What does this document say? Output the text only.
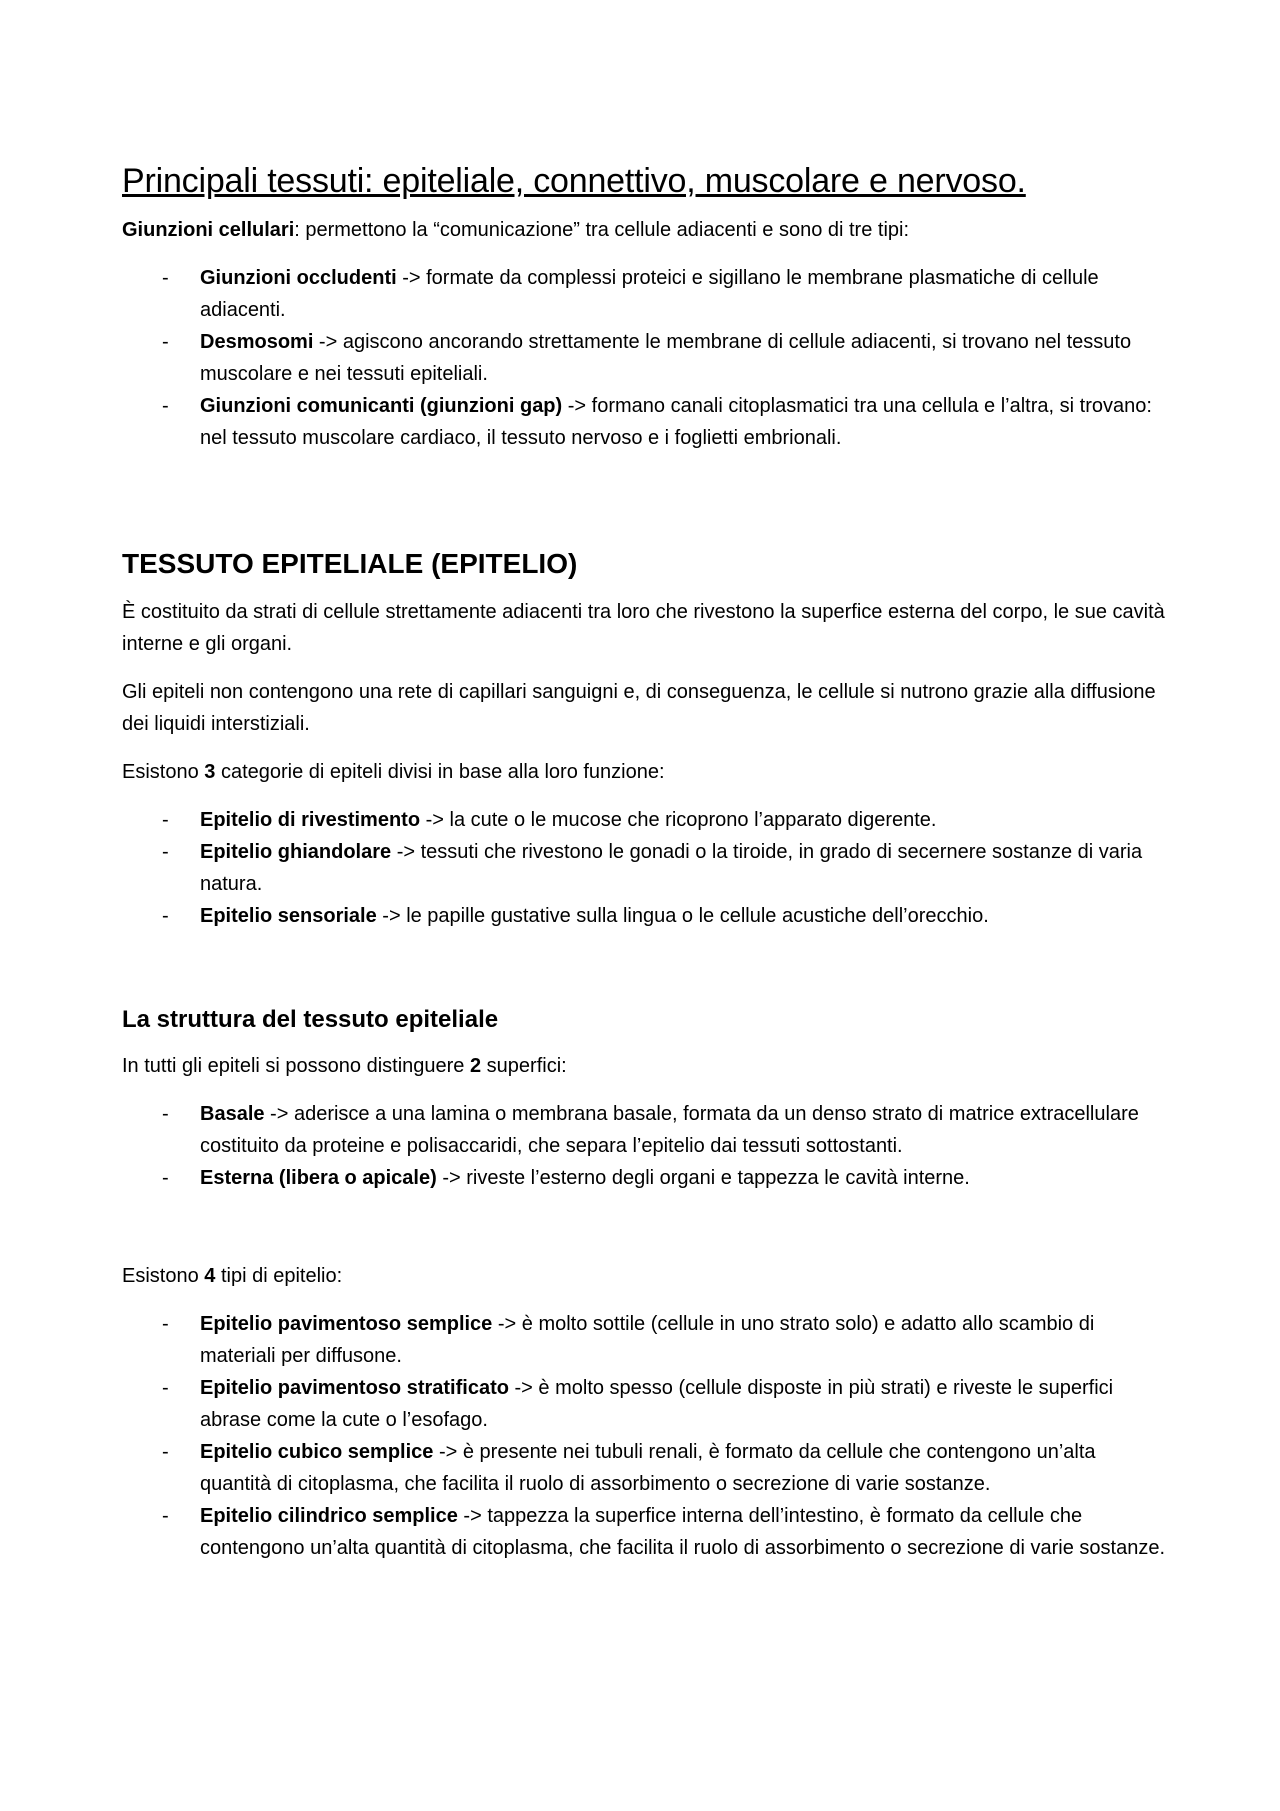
Principali tessuti: epiteliale, connettivo, muscolare e nervoso.

Giunzioni cellulari: permettono la “comunicazione” tra cellule adiacenti e sono di tre tipi:

- Giunzioni occludenti -> formate da complessi proteici e sigillano le membrane plasmatiche di cellule adiacenti.
- Desmosomi -> agiscono ancorando strettamente le membrane di cellule adiacenti, si trovano nel tessuto muscolare e nei tessuti epiteliali.
- Giunzioni comunicanti (giunzioni gap) -> formano canali citoplasmatici tra una cellula e l’altra, si trovano: nel tessuto muscolare cardiaco, il tessuto nervoso e i foglietti embrionali.
TESSUTO EPITELIALE (EPITELIO)

È costituito da strati di cellule strettamente adiacenti tra loro che rivestono la superfice esterna del corpo, le sue cavità interne e gli organi.

Gli epiteli non contengono una rete di capillari sanguigni e, di conseguenza, le cellule si nutrono grazie alla diffusione dei liquidi interstiziali.

Esistono 3 categorie di epiteli divisi in base alla loro funzione:

- Epitelio di rivestimento -> la cute o le mucose che ricoprono l’apparato digerente.
- Epitelio ghiandolare -> tessuti che rivestono le gonadi o la tiroide, in grado di secernere sostanze di varia natura.
- Epitelio sensoriale -> le papille gustative sulla lingua o le cellule acustiche dell’orecchio.
La struttura del tessuto epiteliale

In tutti gli epiteli si possono distinguere 2 superfici:

- Basale -> aderisce a una lamina o membrana basale, formata da un denso strato di matrice extracellulare costituito da proteine e polisaccaridi, che separa l’epitelio dai tessuti sottostanti.
- Esterna (libera o apicale) -> riveste l’esterno degli organi e tappezza le cavità interne.

Esistono 4 tipi di epitelio:

- Epitelio pavimentoso semplice -> è molto sottile (cellule in uno strato solo) e adatto allo scambio di materiali per diffusone.
- Epitelio pavimentoso stratificato -> è molto spesso (cellule disposte in più strati) e riveste le superfici abrase come la cute o l’esofago.
- Epitelio cubico semplice -> è presente nei tubuli renali, è formato da cellule che contengono un’alta quantità di citoplasma, che facilita il ruolo di assorbimento o secrezione di varie sostanze.
- Epitelio cilindrico semplice -> tappezza la superfice interna dell’intestino, è formato da cellule che contengono un’alta quantità di citoplasma, che facilita il ruolo di assorbimento o secrezione di varie sostanze.
